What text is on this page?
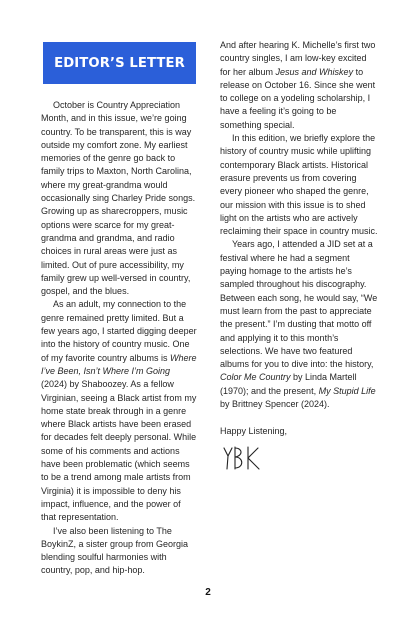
EDITOR’S LETTER

October is Country Appreciation Month, and in this issue, we’re going country. To be transparent, this is way outside my comfort zone. My earliest memories of the genre go back to family trips to Maxton, North Carolina, where my great-grandma would occasionally sing Charley Pride songs. Growing up as sharecroppers, music options were scarce for my great-grandma and grandma, and radio choices in rural areas were just as limited. Out of pure accessibility, my family grew up well-versed in country, gospel, and the blues.

As an adult, my connection to the genre remained pretty limited. But a few years ago, I started digging deeper into the history of country music. One of my favorite country albums is Where I’ve Been, Isn’t Where I’m Going (2024) by Shaboozey. As a fellow Virginian, seeing a Black artist from my home state break through in a genre where Black artists have been erased for decades felt deeply personal. While some of his comments and actions have been problematic (which seems to be a trend among male artists from Virginia) it is impossible to deny his impact, influence, and the power of that representation.

I’ve also been listening to The BoykinZ, a sister group from Georgia blending soulful harmonies with country, pop, and hip-hop.

And after hearing K. Michelle’s first two country singles, I am low-key excited for her album Jesus and Whiskey to release on October 16. Since she went to college on a yodeling scholarship, I have a feeling it’s going to be something special.

In this edition, we briefly explore the history of country music while uplifting contemporary Black artists. Historical erasure prevents us from covering every pioneer who shaped the genre, our mission with this issue is to shed light on the artists who are actively reclaiming their space in country music.

Years ago, I attended a JID set at a festival where he had a segment paying homage to the artists he’s sampled throughout his discography. Between each song, he would say, “We must learn from the past to appreciate the present.” I’m dusting that motto off and applying it to this month’s selections. We have two featured albums for you to dive into: the history, Color Me Country by Linda Martell (1970); and the present, My Stupid Life by Brittney Spencer (2024).

Happy Listening,

2
